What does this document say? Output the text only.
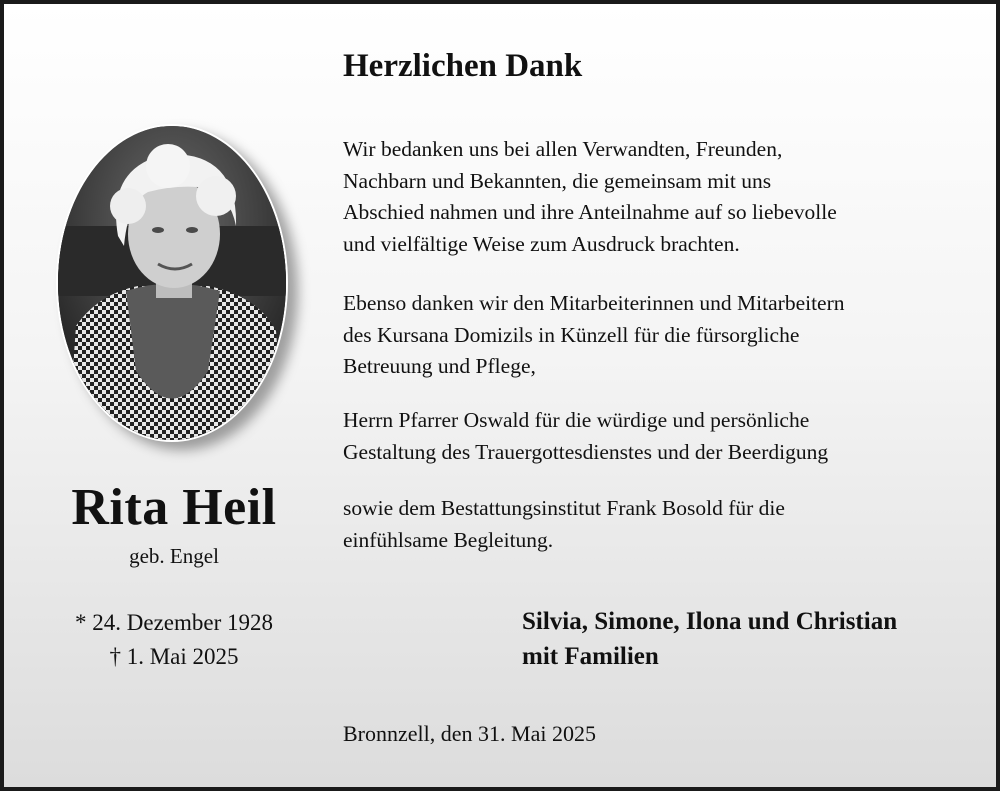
Rita Heil
geb. Engel
* 24. Dezember 1928
† 1. Mai 2025
Herzlichen Dank

Wir bedanken uns bei allen Verwandten, Freunden,
Nachbarn und Bekannten, die gemeinsam mit uns
Abschied nahmen und ihre Anteilnahme auf so liebevolle
und vielfältige Weise zum Ausdruck brachten.

Ebenso danken wir den Mitarbeiterinnen und Mitarbeitern
des Kursana Domizils in Künzell für die fürsorgliche
Betreuung und Pflege,

Herrn Pfarrer Oswald für die würdige und persönliche
Gestaltung des Trauergottesdienstes und der Beerdigung

sowie dem Bestattungsinstitut Frank Bosold für die
einfühlsame Begleitung.

Silvia, Simone, Ilona und Christian
mit Familien
Bronnzell, den 31. Mai 2025
